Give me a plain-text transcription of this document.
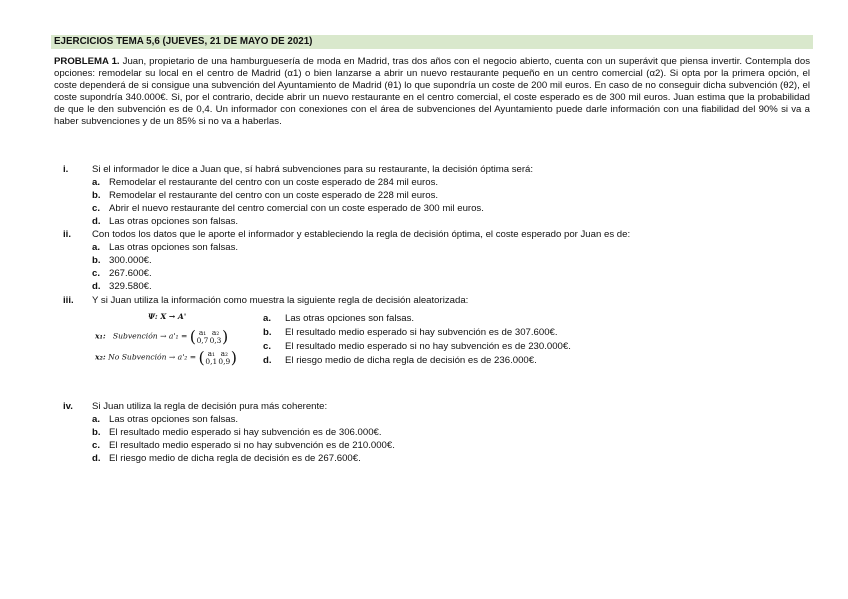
EJERCICIOS TEMA 5,6 (JUEVES, 21 DE MAYO DE 2021)
PROBLEMA 1. Juan, propietario de una hamburguesería de moda en Madrid, tras dos años con el negocio abierto, cuenta con un superávit que piensa invertir. Contempla dos opciones: remodelar su local en el centro de Madrid (α1) o bien lanzarse a abrir un nuevo restaurante pequeño en un centro comercial (α2). Si opta por la primera opción, el coste dependerá de si consigue una subvención del Ayuntamiento de Madrid (θ1) lo que supondría un coste de 200 mil euros. En caso de no conseguir dicha subvención (θ2), el coste supondría 340.000€. Si, por el contrario, decide abrir un nuevo restaurante en el centro comercial, el coste esperado es de 300 mil euros. Juan estima que la probabilidad de que le den subvención es de 0,4. Un informador con conexiones con el área de subvenciones del Ayuntamiento puede darle información con una fiabilidad del 90% si va a haber subvenciones y de un 85% si no va a haberlas.
i. Si el informador le dice a Juan que, sí habrá subvenciones para su restaurante, la decisión óptima será:
a. Remodelar el restaurante del centro con un coste esperado de 284 mil euros.
b. Remodelar el restaurante del centro con un coste esperado de 228 mil euros.
c. Abrir el nuevo restaurante del centro comercial con un coste esperado de 300 mil euros.
d. Las otras opciones son falsas.
ii. Con todos los datos que le aporte el informador y estableciendo la regla de decisión óptima, el coste esperado por Juan es de:
a. Las otras opciones son falsas.
b. 300.000€.
c. 267.600€.
d. 329.580€.
iii. Y si Juan utiliza la información como muestra la siguiente regla de decisión aleatorizada:
Ψ: X → A'
x₁: Subvención → a'₁ = ( a₁ a₂
0,70,3)
x₂: No Subvención → a'₂ = ( a₁ a₂
0,10,9)
a. Las otras opciones son falsas.
b. El resultado medio esperado si hay subvención es de 307.600€.
c. El resultado medio esperado si no hay subvención es de 230.000€.
d. El riesgo medio de dicha regla de decisión es de 236.000€.
iv. Si Juan utiliza la regla de decisión pura más coherente:
a. Las otras opciones son falsas.
b. El resultado medio esperado si hay subvención es de 306.000€.
c. El resultado medio esperado si no hay subvención es de 210.000€.
d. El riesgo medio de dicha regla de decisión es de 267.600€.
